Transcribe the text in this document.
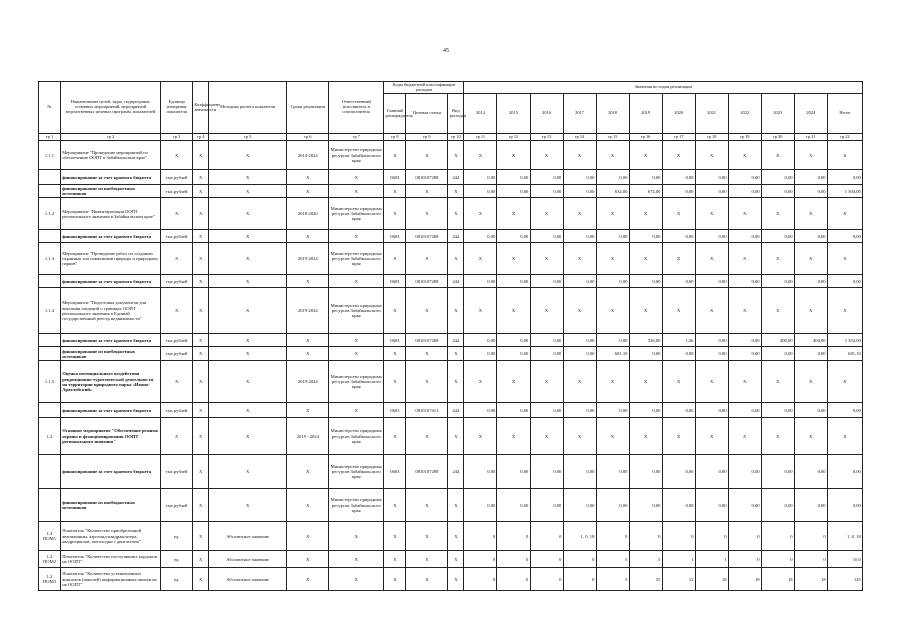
45
№	Наименование целей, задач, подпрограмм, основных мероприятий, мероприятий ведомственных целевых программ, показателей	Единица измерения показателя	Коэффициент значимости	Методика расчета показателя	Сроки реализации	Ответственный исполнитель и соисполнитель	Коды бюджетной классификации расходов			Значения по годам реализации											
							Главный распорядитель	Целевая статья	Вид расходов	2014	2015	2016	2017	2018	2019	2020	2021	2022	2023	2024	Итого
гр 1	гр 2	гр 3	гр 4	гр 5	гр 6	гр 7	гр 8	гр 9	гр 10	гр 11	гр 12	гр 13	гр 14	гр 15	гр 16	гр 17	гр 18	гр 19	гр 20	гр 21	гр 22
1.1.1	Мероприятие "Проведение мероприятий по обеспечению ООПТ в Забайкальском крае"	Х	Х	Х	2014-2024	Министерство природных ресурсов Забайкальского края	Х	Х	Х	Х	Х	Х	Х	Х	Х	Х	Х	Х	Х	Х	Х
	финансирование за счет краевого бюджета	тыс.рублей	Х	Х	Х	Х	0603	0810107288	244	0,00	0,00	0,00	0,00	0,00	0,00	0,00	0,00	0,00	0,00	0,00	0,00
	финансирование из внебюджетных источников	тыс.рублей	Х	Х	Х	Х	Х	Х	Х	0,00	0,00	0,00	0,00	632,00	672,00	0,00	0,00	0,00	0,00	0,00	1 304,00
1.1.2	Мероприятие "Инвентаризация ООПТ регионального значения в Забайкальском крае"	Х	Х	Х	2018-2020	Министерство природных ресурсов Забайкальского края	Х	Х	Х	Х	Х	Х	Х	Х	Х	Х	Х	Х	Х	Х	Х
	финансирование за счет краевого бюджета	тыс.рублей	Х	Х	Х	Х	0603	0810107288	244	0,00	0,00	0,00	0,00	0,00	0,00	0,00	0,00	0,00	0,00	0,00	0,00
1.1.3	Мероприятие "Проведение работ по созданию охранных зон памятников природы и природных парков"	Х	Х	Х	2019-2024	Министерство природных ресурсов Забайкальского края	Х	Х	Х	Х	Х	Х	Х	Х	Х	Х	Х	Х	Х	Х	Х
	финансирование за счет краевого бюджета	тыс.рублей	Х	Х	Х	Х	0603	0810107288	244	0,00	0,00	0,00	0,00	0,00	0,00	0,00	0,00	0,00	0,00	0,00	0,00
1.1.4	Мероприятие "Подготовка документов для внесения сведений о границах ООПТ регионального значения в Единый государственный реестр недвижимости"	Х	Х	Х	2019-2024	Министерство природных ресурсов Забайкальского края	Х	Х	Х	Х	Х	Х	Х	Х	Х	Х	Х	Х	Х	Х	Х
	финансирование за счет краевого бюджета	тыс.рублей	Х	Х	Х	Х	0603	0810107288	244	0,00	0,00	0,00	0,00	0,00	526,00	1,36	0,00	0,00	400,00	400,00	1 354,00
	финансирование из внебюджетных источников	тыс.рублей	Х	Х	Х	Х	Х	Х	Х	0,00	0,00	0,00	0,00	681,10	0,00	0,00	0,00	0,00	0,00	0,00	681,10
1.1.5	Оценка потенциального воздействия рекреационно-туристической деятельности на территории природного парка «Ивано-Арахлейский»	Х	Х	Х	2019-2024	Министерство природных ресурсов Забайкальского края	Х	Х	Х	Х	Х	Х	Х	Х	Х	Х	Х	Х	Х	Х	Х
	финансирование за счет краевого бюджета	тыс.рублей	Х	Х	Х	Х	0603	0810107413	244	0,00	0,00	0,00	0,00	0,00	0,00	0,00	0,00	0,00	0,00	0,00	0,00
1.2	Основное мероприятие "Обеспечение режима охраны и функционирования ООПТ регионального значения"	Х	Х	Х	2019 - 2024	Министерство природных ресурсов Забайкальского края	Х	Х	Х	Х	Х	Х	Х	Х	Х	Х	Х	Х	Х	Х	Х
	финансирование за счет краевого бюджета	тыс.рублей	Х	Х	Х	Министерство природных ресурсов Забайкальского края	0603	0810107288	244	0,00	0,00	0,00	0,00	0,00	0,00	0,00	0,00	0,00	0,00	0,00	0,00
	финансирование из внебюджетных источников	тыс.рублей	Х	Х	Х	Министерство природных ресурсов Забайкальского края	Х	Х	Х	0,00	0,00	0,00	0,00	0,00	0,00	0,00	0,00	0,00	0,00	0,00	0,00
1.2 ПОМ1	Показатель "Количество приобретенной автомашины, аэрозонд-квадракоптера, квадроциклов, мотолодки с двигателем"	ед.	Х	Абсолютное значение	Х	Х	Х	Х	Х	0	0	0	1, 0, 18	0	0	0	0	0	0	0	1, 0, 18
1.2 ПОМ2	Показатель "Количество поступивших кордонов на ООПТ"	ед.	Х	Абсолютное значение	Х	Х	Х	Х	Х	0	0	0	0	5	5	1	1	0	0	0	10,0
1.2 ПОМ3	Показатель "Количество установленных аншлагов (панелей) информационных аншлагов на ООПТ"	ед.	Х	Абсолютное значение	Х	Х	Х	Х	Х	0	0	0	0	5	55	12	18	18	18	18	145
